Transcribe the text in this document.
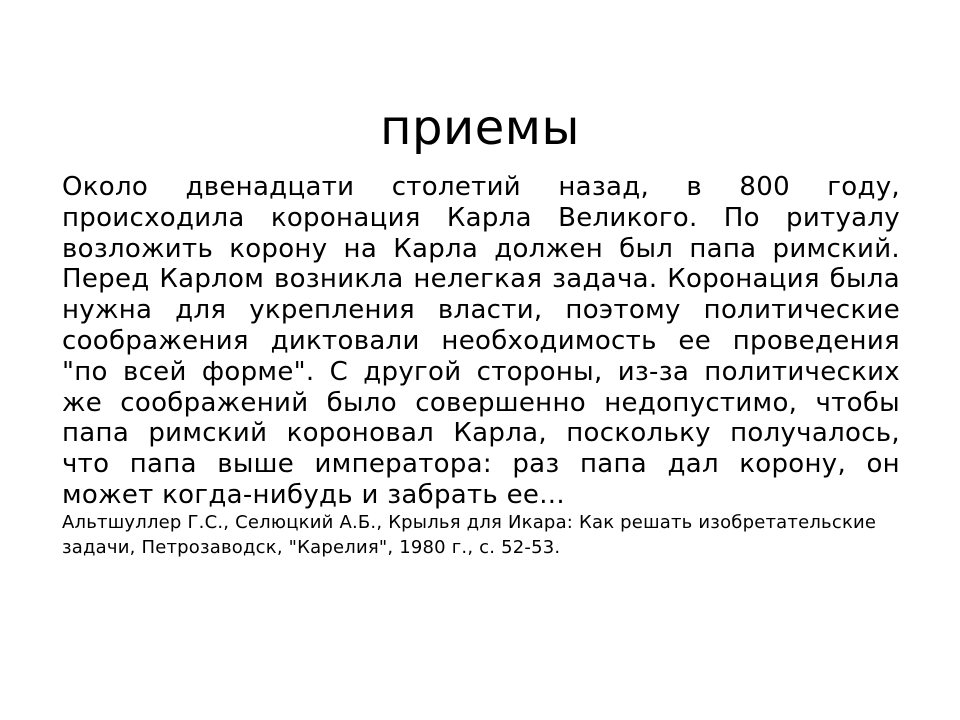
приемы

Около двенадцати столетий назад, в 800 году, происходила коронация Карла Великого. По ритуалу возложить корону на Карла должен был папа римский. Перед Карлом возникла нелегкая задача. Коронация была нужна для укрепления власти, поэтому политические соображения диктовали необходимость ее проведения "по всей форме". С другой стороны, из-за политических же соображений было совершенно недопустимо, чтобы папа римский короновал Карла, поскольку получалось, что папа выше императора: раз папа дал корону, он может когда-нибудь и забрать ее...

Альтшуллер Г.С., Селюцкий А.Б., Крылья для Икара: Как решать изобретательские задачи, Петрозаводск, "Карелия", 1980 г., с. 52-53.
